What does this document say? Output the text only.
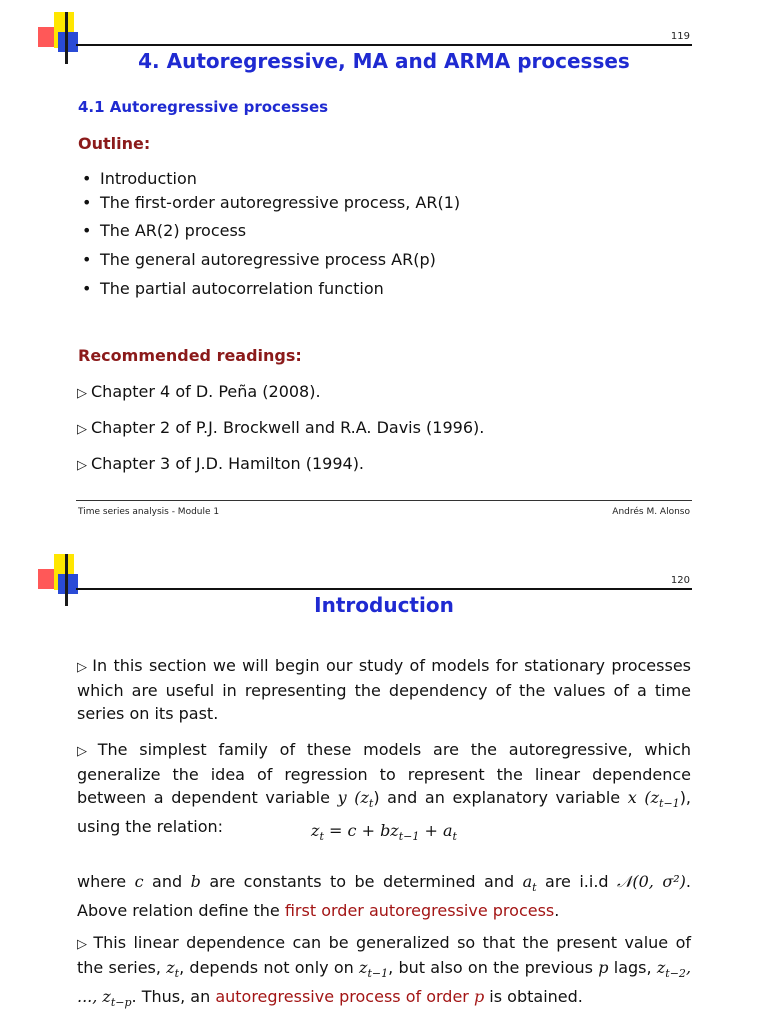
119
4. Autoregressive, MA and ARMA processes
4.1 Autoregressive processes
Outline:
• Introduction
• The first-order autoregressive process, AR(1)
• The AR(2) process
• The general autoregressive process AR(p)
• The partial autocorrelation function
Recommended readings:
▷ Chapter 4 of D. Peña (2008).
▷ Chapter 2 of P.J. Brockwell and R.A. Davis (1996).
▷ Chapter 3 of J.D. Hamilton (1994).
Time series analysis - Module 1	Andrés M. Alonso
120
Introduction
▷ In this section we will begin our study of models for stationary processes which are useful in representing the dependency of the values of a time series on its past.
▷ The simplest family of these models are the autoregressive, which generalize the idea of regression to represent the linear dependence between a dependent variable y $(z_t)$ and an explanatory variable x $(z_{t-1})$, using the relation:	$z_t = c + bz_{t-1} + a_t$
where c and b are constants to be determined and $a_t$ are i.i.d 𝒩(0, σ²). Above relation define the first order autoregressive process.
▷ This linear dependence can be generalized so that the present value of the series, $z_t$, depends not only on $z_{t-1}$, but also on the previous p lags, $z_{t-2}$, ..., $z_{t-p}$. Thus, an autoregressive process of order p is obtained.
